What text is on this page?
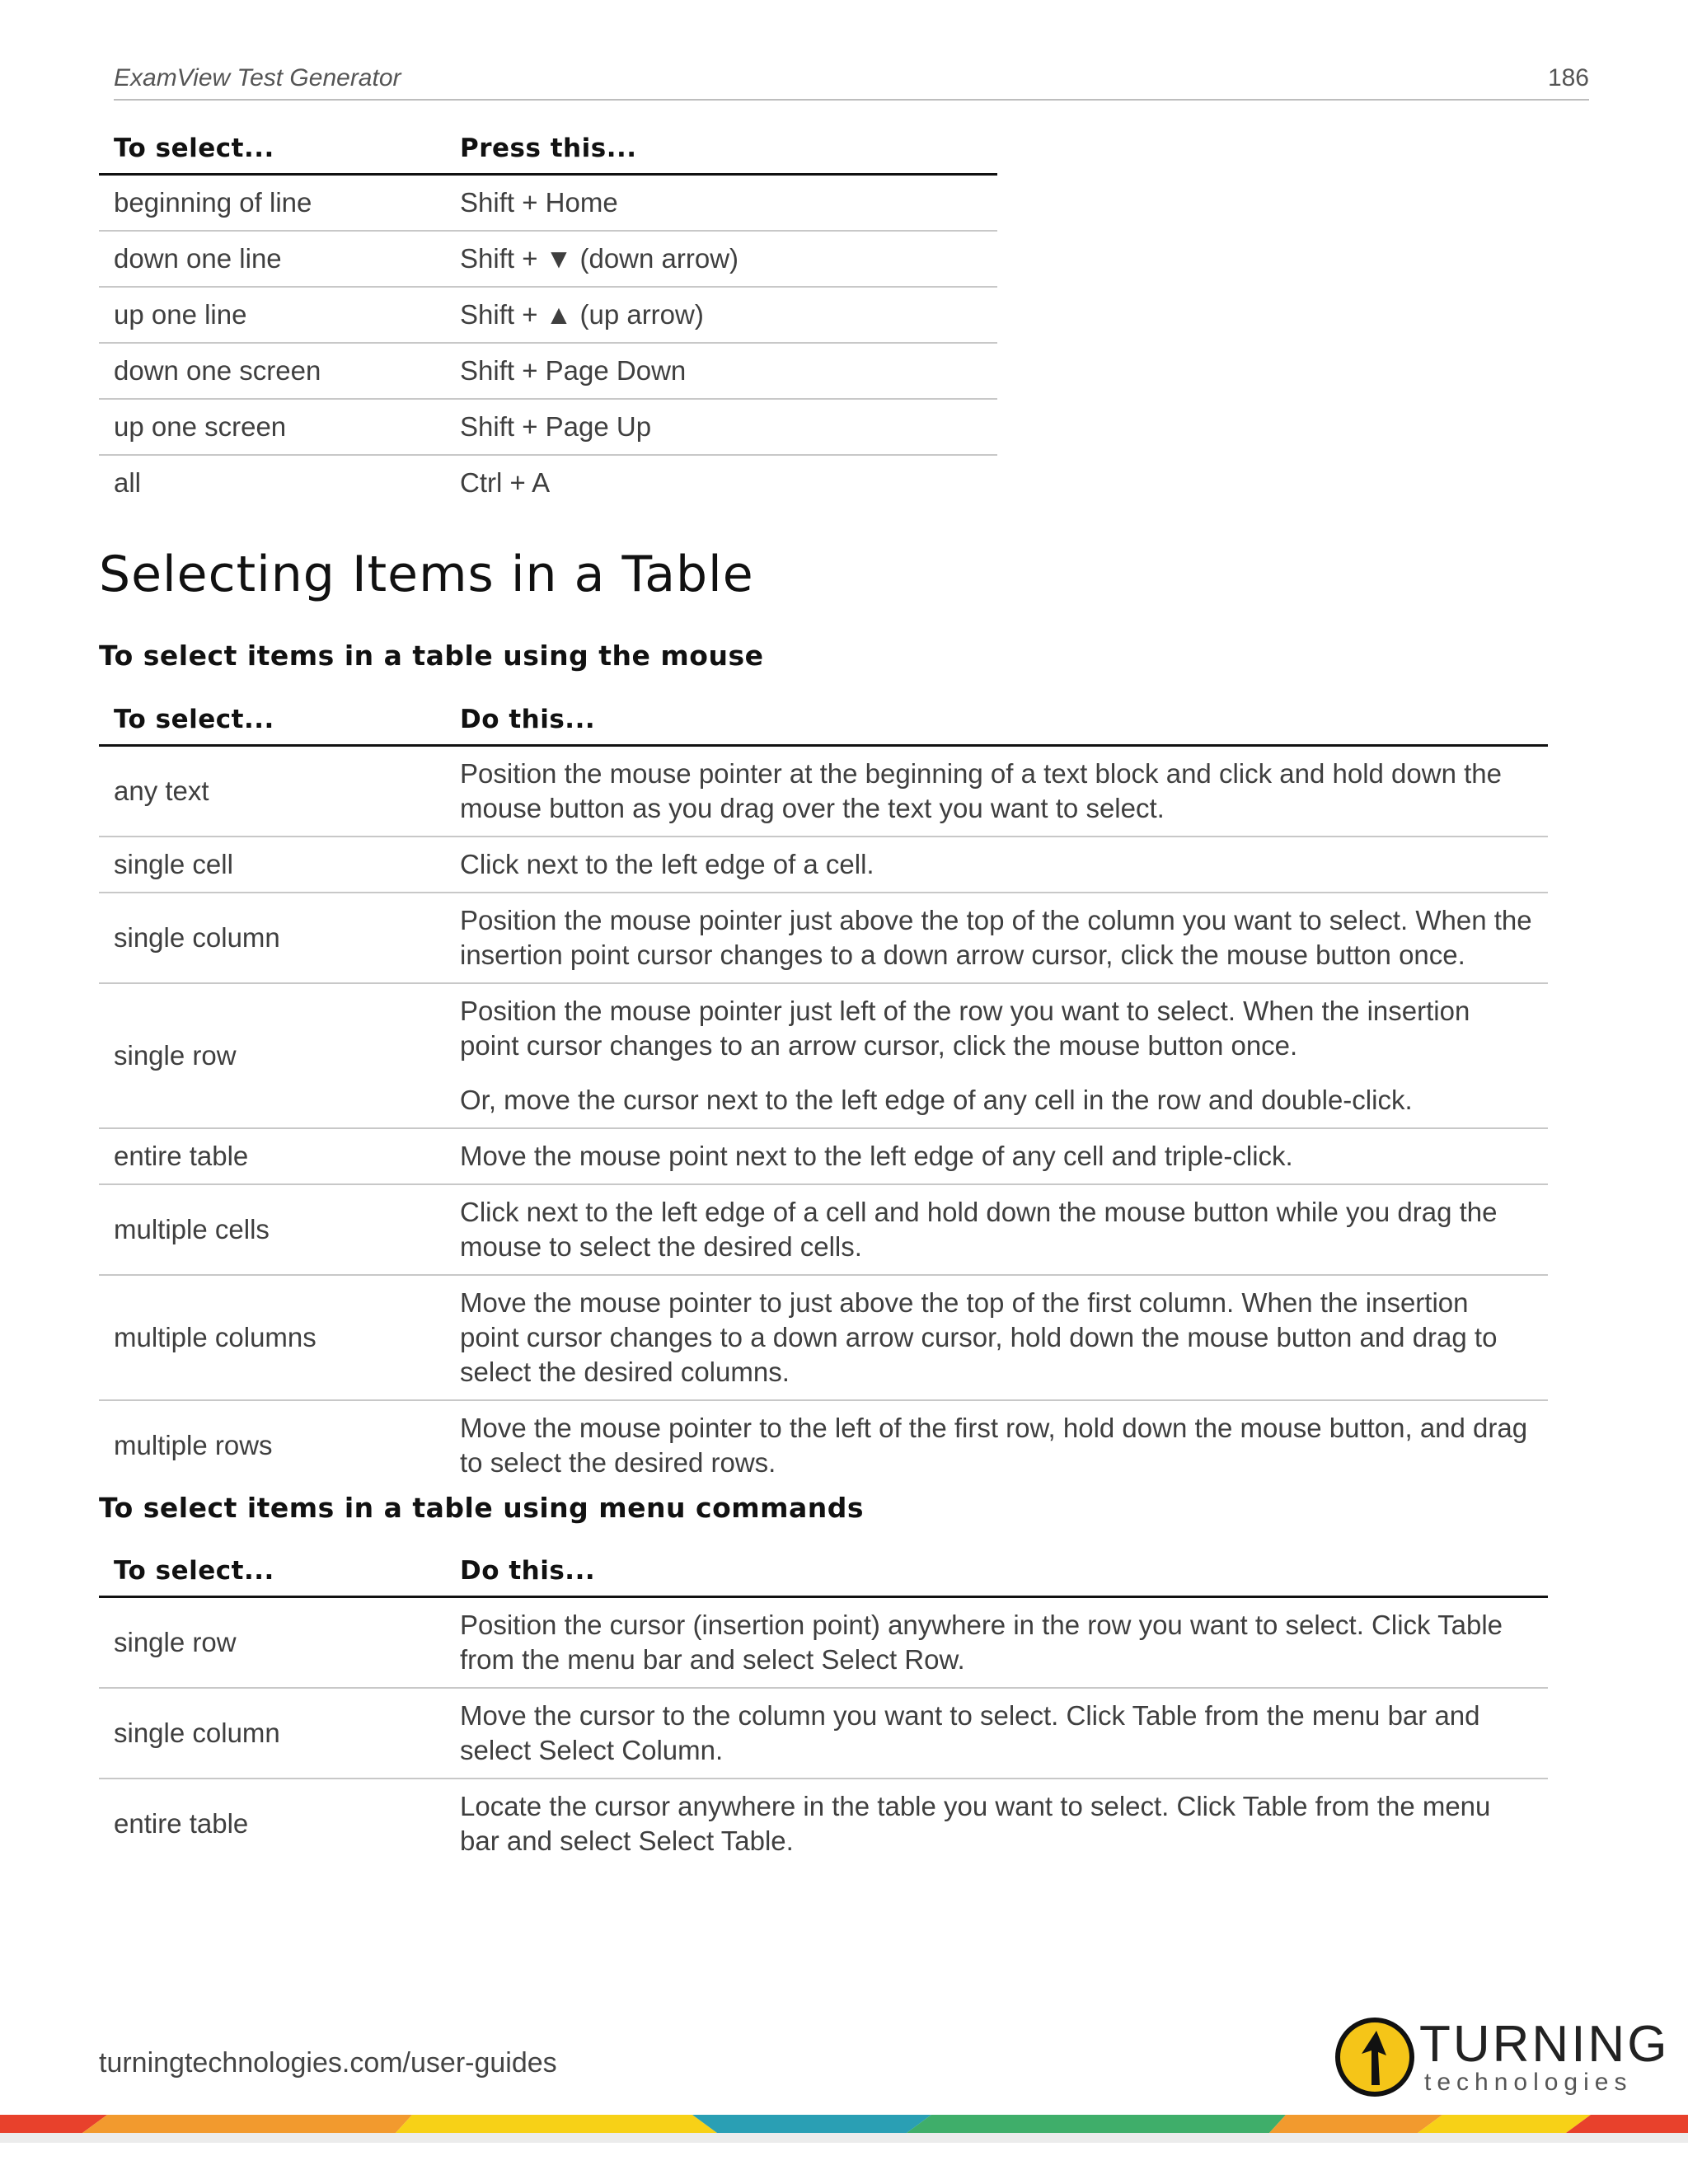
ExamView Test Generator	186
To select...	Press this...
beginning of line	Shift + Home
down one line	Shift + ▼ (down arrow)
up one line	Shift + ▲ (up arrow)
down one screen	Shift + Page Down
up one screen	Shift + Page Up
all	Ctrl + A
Selecting Items in a Table
To select items in a table using the mouse
To select...	Do this...
any text	Position the mouse pointer at the beginning of a text block and click and hold down the mouse button as you drag over the text you want to select.
single cell	Click next to the left edge of a cell.
single column	Position the mouse pointer just above the top of the column you want to select. When the insertion point cursor changes to a down arrow cursor, click the mouse button once.
single row	Position the mouse pointer just left of the row you want to select. When the insertion point cursor changes to an arrow cursor, click the mouse button once.

Or, move the cursor next to the left edge of any cell in the row and double-click.

entire table	Move the mouse point next to the left edge of any cell and triple-click.
multiple cells	Click next to the left edge of a cell and hold down the mouse button while you drag the mouse to select the desired cells.
multiple columns	Move the mouse pointer to just above the top of the first column. When the insertion point cursor changes to a down arrow cursor, hold down the mouse button and drag to select the desired columns.
multiple rows	Move the mouse pointer to the left of the first row, hold down the mouse button, and drag to select the desired rows.
To select items in a table using menu commands
To select...	Do this...
single row	Position the cursor (insertion point) anywhere in the row you want to select. Click Table from the menu bar and select Select Row.
single column	Move the cursor to the column you want to select. Click Table from the menu bar and select Select Column.
entire table	Locate the cursor anywhere in the table you want to select. Click Table from the menu bar and select Select Table.
turningtechnologies.com/user-guides	TURNING
technologies
